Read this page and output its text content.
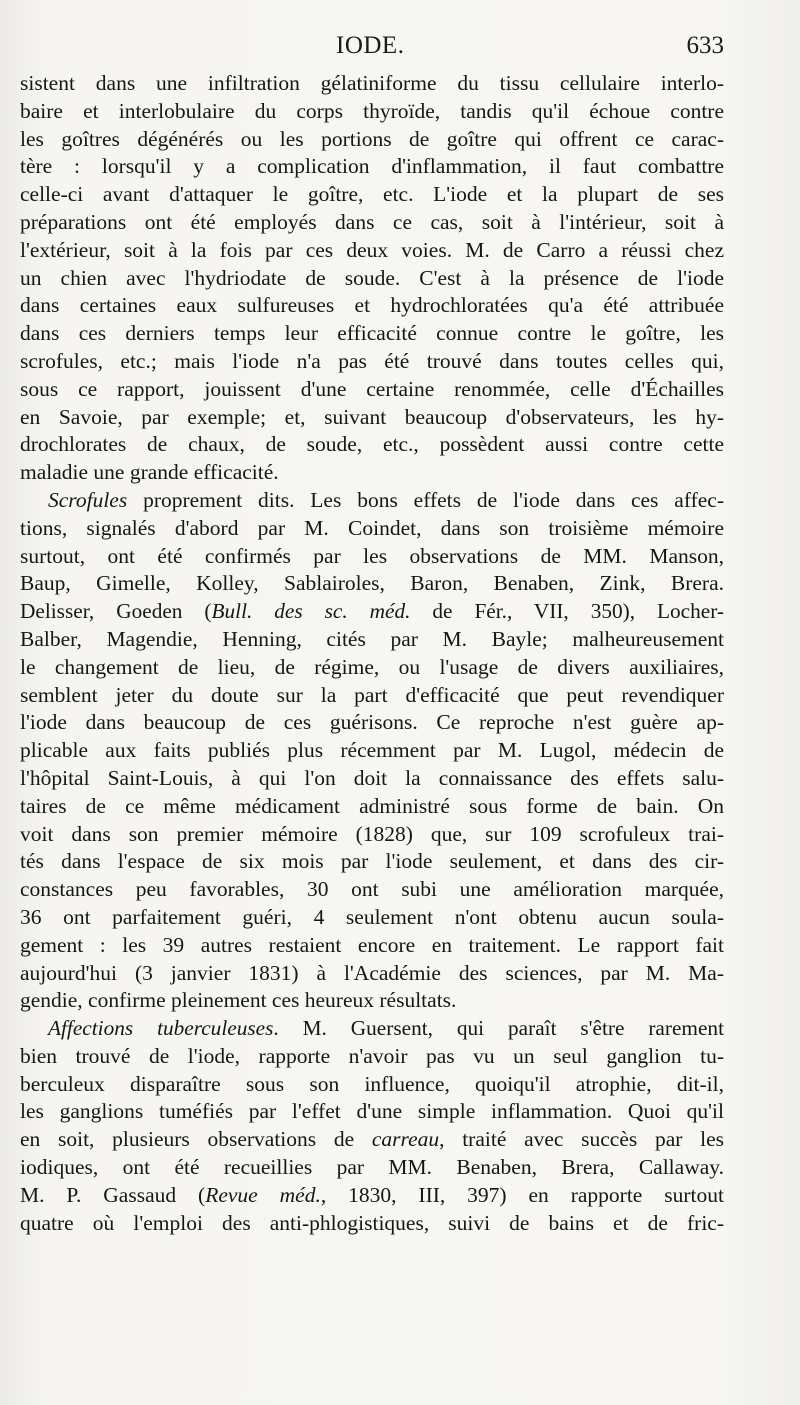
IODE.	633
sistent dans une infiltration gélatiniforme du tissu cellulaire interlo-
baire et interlobulaire du corps thyroïde, tandis qu'il échoue contre
les goîtres dégénérés ou les portions de goître qui offrent ce carac-
tère : lorsqu'il y a complication d'inflammation, il faut combattre
celle-ci avant d'attaquer le goître, etc. L'iode et la plupart de ses
préparations ont été employés dans ce cas, soit à l'intérieur, soit à
l'extérieur, soit à la fois par ces deux voies. M. de Carro a réussi chez
un chien avec l'hydriodate de soude. C'est à la présence de l'iode
dans certaines eaux sulfureuses et hydrochloratées qu'a été attribuée
dans ces derniers temps leur efficacité connue contre le goître, les
scrofules, etc.; mais l'iode n'a pas été trouvé dans toutes celles qui,
sous ce rapport, jouissent d'une certaine renommée, celle d'Échailles
en Savoie, par exemple; et, suivant beaucoup d'observateurs, les hy-
drochlorates de chaux, de soude, etc., possèdent aussi contre cette
maladie une grande efficacité.
Scrofules proprement dits. Les bons effets de l'iode dans ces affec-
tions, signalés d'abord par M. Coindet, dans son troisième mémoire
surtout, ont été confirmés par les observations de MM. Manson,
Baup, Gimelle, Kolley, Sablairoles, Baron, Benaben, Zink, Brera.
Delisser, Goeden (Bull. des sc. méd. de Fér., VII, 350), Locher-
Balber, Magendie, Henning, cités par M. Bayle; malheureusement
le changement de lieu, de régime, ou l'usage de divers auxiliaires,
semblent jeter du doute sur la part d'efficacité que peut revendiquer
l'iode dans beaucoup de ces guérisons. Ce reproche n'est guère ap-
plicable aux faits publiés plus récemment par M. Lugol, médecin de
l'hôpital Saint-Louis, à qui l'on doit la connaissance des effets salu-
taires de ce même médicament administré sous forme de bain. On
voit dans son premier mémoire (1828) que, sur 109 scrofuleux trai-
tés dans l'espace de six mois par l'iode seulement, et dans des cir-
constances peu favorables, 30 ont subi une amélioration marquée,
36 ont parfaitement guéri, 4 seulement n'ont obtenu aucun soula-
gement : les 39 autres restaient encore en traitement. Le rapport fait
aujourd'hui (3 janvier 1831) à l'Académie des sciences, par M. Ma-
gendie, confirme pleinement ces heureux résultats.
Affections tuberculeuses. M. Guersent, qui paraît s'être rarement
bien trouvé de l'iode, rapporte n'avoir pas vu un seul ganglion tu-
berculeux disparaître sous son influence, quoiqu'il atrophie, dit-il,
les ganglions tuméfiés par l'effet d'une simple inflammation. Quoi qu'il
en soit, plusieurs observations de carreau, traité avec succès par les
iodiques, ont été recueillies par MM. Benaben, Brera, Callaway.
M. P. Gassaud (Revue méd., 1830, III, 397) en rapporte surtout
quatre où l'emploi des anti-phlogistiques, suivi de bains et de fric-
